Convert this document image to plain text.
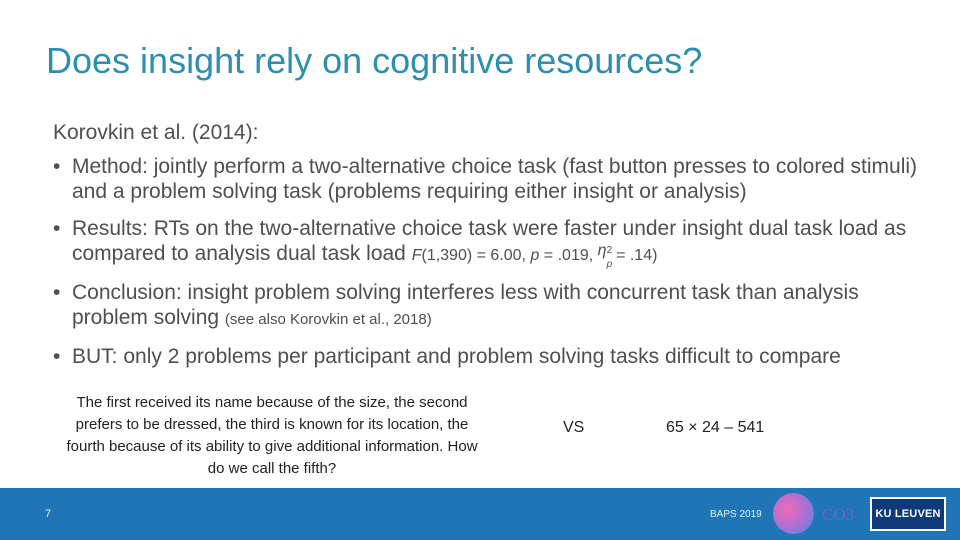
Does insight rely on cognitive resources?

Korovkin et al. (2014):

• Method: jointly perform a two-alternative choice task (fast button presses to colored stimuli) and a problem solving task (problems requiring either insight or analysis)
• Results: RTs on the two-alternative choice task were faster under insight dual task load as compared to analysis dual task load F(1,390) = 6.00, p = .019, η 2
p
= .14)
• Conclusion: insight problem solving interferes less with concurrent task than analysis problem solving (see also Korovkin et al., 2018)
• BUT: only 2 problems per participant and problem solving tasks difficult to compare

The first received its name because of the size, the second prefers to be dressed, the third is known for its location, the fourth because of its ability to give additional information. How do we call the fifth?

VS	65 × 24 – 541
7	BAPS 2019	CO3	KU LEUVEN
